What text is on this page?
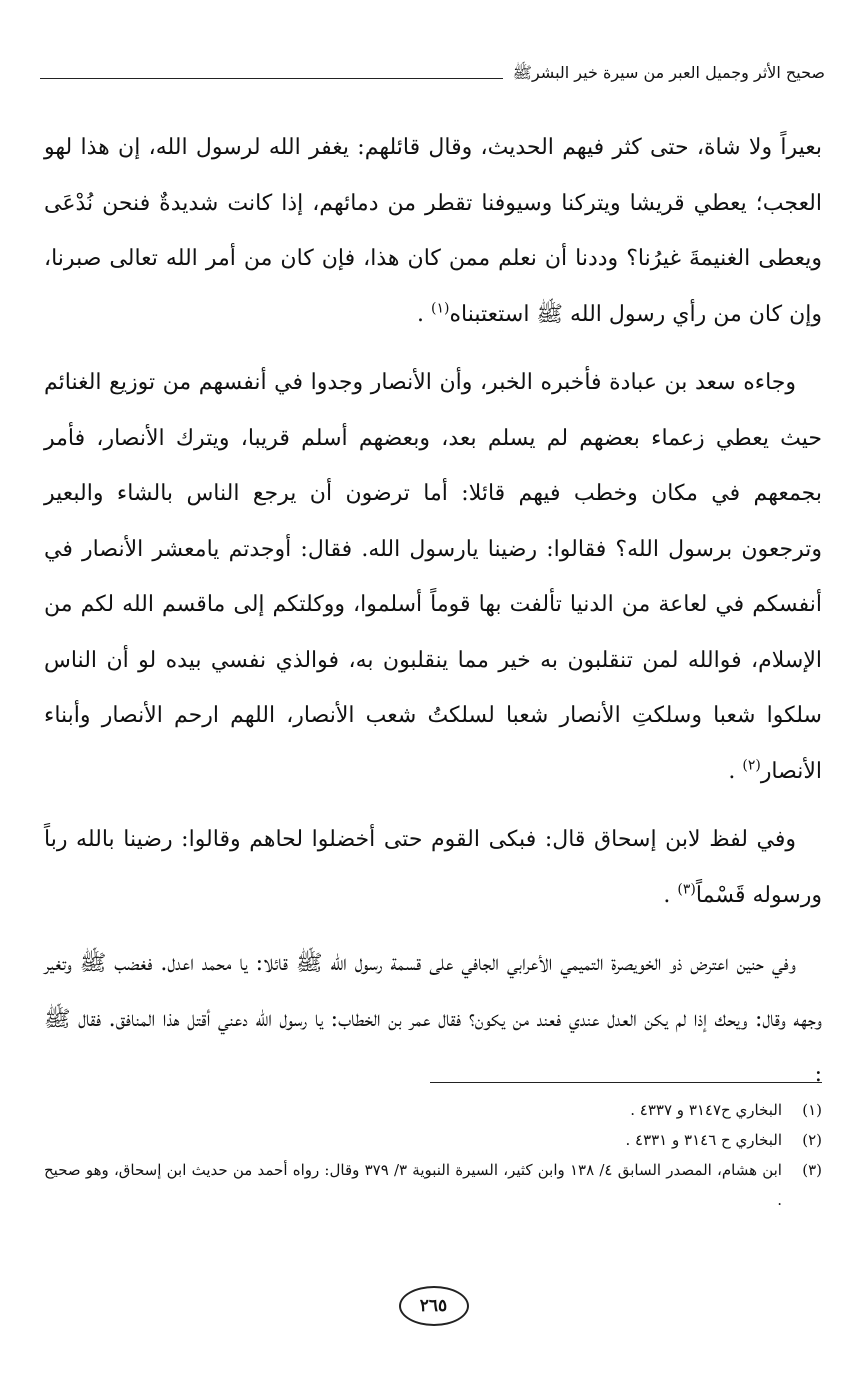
صحيح الأثر وجميل العبر من سيرة خير البشرﷺ

بعيراً ولا شاة، حتى كثر فيهم الحديث، وقال قائلهم: يغفر الله لرسول الله، إن هذا لهو العجب؛ يعطي قريشا ويتركنا وسيوفنا تقطر من دمائهم، إذا كانت شديدةٌ فنحن نُدْعَى ويعطى الغنيمةَ غيرُنا؟ وددنا أن نعلم ممن كان هذا، فإن كان من أمر الله تعالى صبرنا، وإن كان من رأي رسول الله ﷺ استعتبناه$^{(١)}$ .

وجاءه سعد بن عبادة فأخبره الخبر، وأن الأنصار وجدوا في أنفسهم من توزيع الغنائم حيث يعطي زعماء بعضهم لم يسلم بعد، وبعضهم أسلم قريبا، ويترك الأنصار، فأمر بجمعهم في مكان وخطب فيهم قائلا: أما ترضون أن يرجع الناس بالشاء والبعير وترجعون برسول الله؟ فقالوا: رضينا يارسول الله. فقال: أوجدتم يامعشر الأنصار في أنفسكم في لعاعة من الدنيا تألفت بها قوماً أسلموا، ووكلتكم إلى ماقسم الله لكم من الإسلام، فوالله لمن تنقلبون به خير مما ينقلبون به، فوالذي نفسي بيده لو أن الناس سلكوا شعبا وسلكتِ الأنصار شعبا لسلكتُ شعب الأنصار، اللهم ارحم الأنصار وأبناء الأنصار$^{(٢)}$ .

وفي لفظ لابن إسحاق قال: فبكى القوم حتى أخضلوا لحاهم وقالوا: رضينا بالله رباً ورسوله قَسْماً$^{(٣)}$ .

وفي حنين اعترض ذو الخويصرة التميمي الأعرابي الجافي على قسمة رسول الله ﷺ قائلا: يا محمد اعدل. فغضب ﷺ وتغير وجهه وقال: ويحك إذا لم يكن العدل عندي فعند من يكون؟ فقال عمر بن الخطاب: يا رسول الله دعني أقتل هذا المنافق. فقال ﷺ :

(١)
البخاري ح٣١٤٧ و ٤٣٣٧ .
(٢)
البخاري ح ٣١٤٦ و ٤٣٣١ .
(٣)
ابن هشام، المصدر السابق ٤/ ١٣٨ وابن كثير، السيرة النبوية ٣/ ٣٧٩ وقال: رواه أحمد من حديث ابن إسحاق، وهو صحيح .
٢٦٥
